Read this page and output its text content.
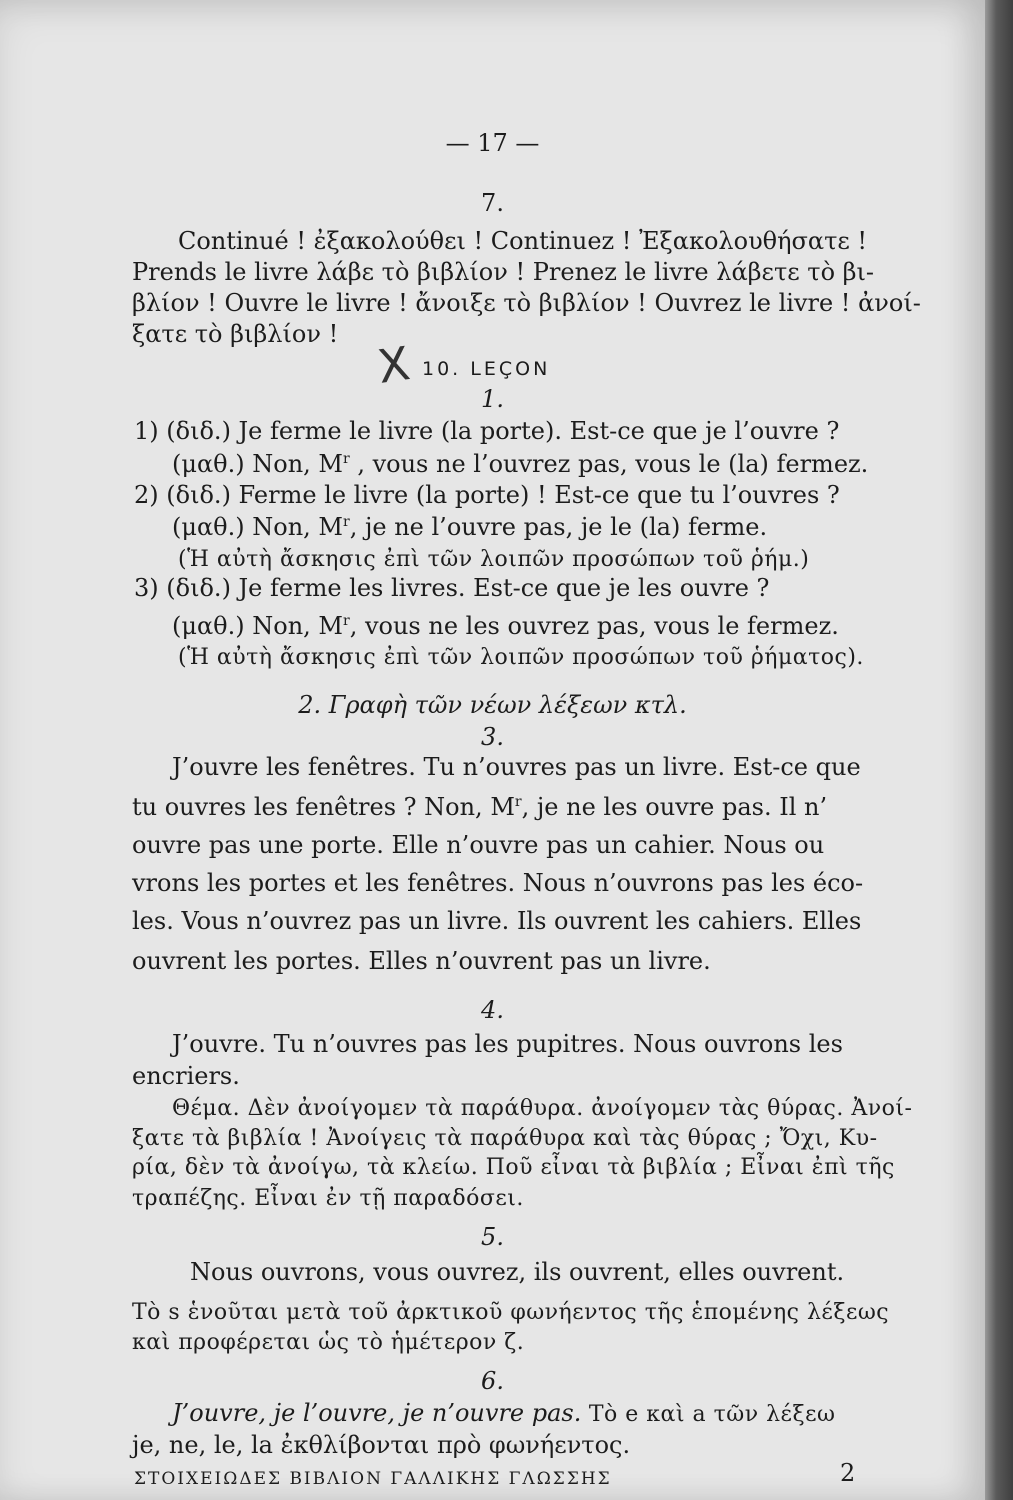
— 17 —
7.
Continué ! ἐξακολούθει ! Continuez ! Ἐξακολουθήσατε !
Prends le livre λάβε τὸ βιβλίον ! Prenez le livre λάβετε τὸ βι-
βλίον ! Ouvre le livre ! ἄνοιξε τὸ βιβλίον ! Ouvrez le livre ! ἀνοί-
ξατε τὸ βιβλίον !
X 10. LEÇON
1.
1) (διδ.) Je ferme le livre (la porte). Est-ce que je l’ouvre ?
(μαθ.) Non, $M^r$ , vous ne l’ouvrez pas, vous le (la) fermez.
2) (διδ.) Ferme le livre (la porte) ! Est-ce que tu l’ouvres ?
(μαθ.) Non, $M^r$, je ne l’ouvre pas, je le (la) ferme.
(Ἡ αὐτὴ ἄσκησις ἐπὶ τῶν λοιπῶν προσώπων τοῦ ῥήμ.)
3) (διδ.) Je ferme les livres. Est-ce que je les ouvre ?
(μαθ.) Non, $M^r$, vous ne les ouvrez pas, vous le fermez.
(Ἡ αὐτὴ ἄσκησις ἐπὶ τῶν λοιπῶν προσώπων τοῦ ῥήματος).
2. Γραφὴ τῶν νέων λέξεων κτλ.
3.
J’ouvre les fenêtres. Tu n’ouvres pas un livre. Est-ce que
tu ouvres les fenêtres ? Non, $M^r$, je ne les ouvre pas. Il n’
ouvre pas une porte. Elle n’ouvre pas un cahier. Nous ou
vrons les portes et les fenêtres. Nous n’ouvrons pas les éco-
les. Vous n’ouvrez pas un livre. Ils ouvrent les cahiers. Elles
ouvrent les portes. Elles n’ouvrent pas un livre.
4.
J’ouvre. Tu n’ouvres pas les pupitres. Nous ouvrons les
encriers.
Θέμα. Δὲν ἀνοίγομεν τὰ παράθυρα. ἀνοίγομεν τὰς θύρας. Ἀνοί-
ξατε τὰ βιβλία ! Ἀνοίγεις τὰ παράθυρα καὶ τὰς θύρας ; Ὄχι, Κυ-
ρία, δὲν τὰ ἀνοίγω, τὰ κλείω. Ποῦ εἶναι τὰ βιβλία ; Εἶναι ἐπὶ τῆς
τραπέζης. Εἶναι ἐν τῇ παραδόσει.
5.
Nous ouvrons, vous ouvrez, ils ouvrent, elles ouvrent.
Τὸ s ἑνοῦται μετὰ τοῦ ἀρκτικοῦ φωνήεντος τῆς ἑπομένης λέξεως
καὶ προφέρεται ὡς τὸ ἡμέτερον ζ.
6.
J’ouvre, je l’ouvre, je n’ouvre pas. Τὸ e καὶ a τῶν λέξεω
je, ne, le, la ἐκθλίβονται πρὸ φωνήεντος.
ΣΤΟΙΧΕΙΩΔΕΣ ΒΙΒΛΙΟΝ ΓΑΛΛΙΚΗΣ ΓΛΩΣΣΗΣ	2
